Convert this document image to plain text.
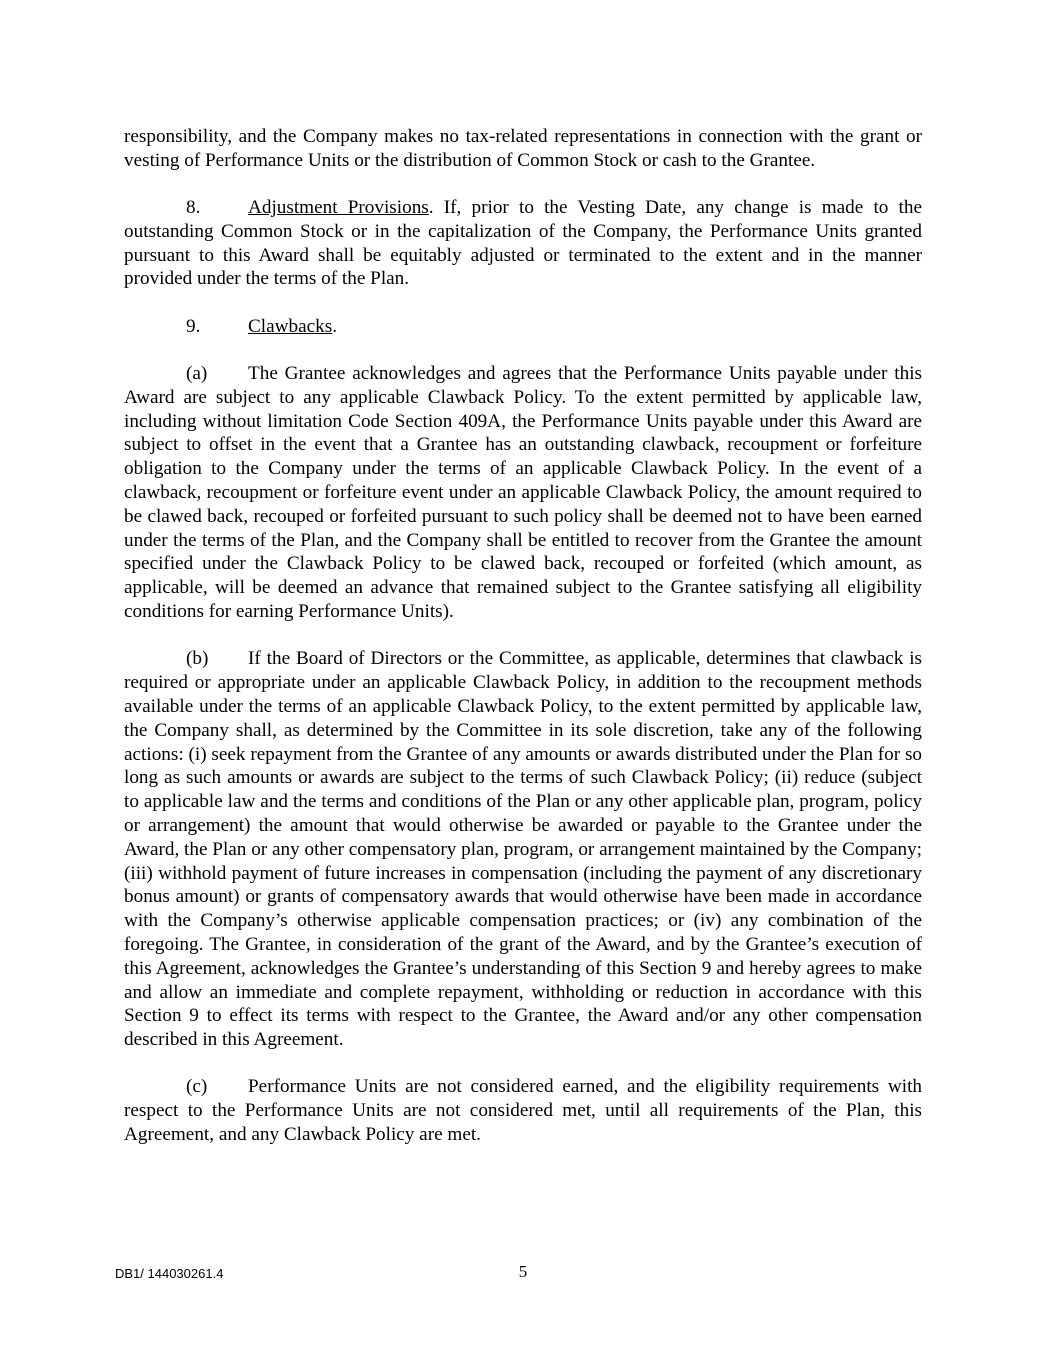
responsibility, and the Company makes no tax-related representations in connection with the grant or vesting of Performance Units or the distribution of Common Stock or cash to the Grantee.

8. Adjustment Provisions. If, prior to the Vesting Date, any change is made to the outstanding Common Stock or in the capitalization of the Company, the Performance Units granted pursuant to this Award shall be equitably adjusted or terminated to the extent and in the manner provided under the terms of the Plan.

9. Clawbacks.

(a) The Grantee acknowledges and agrees that the Performance Units payable under this Award are subject to any applicable Clawback Policy. To the extent permitted by applicable law, including without limitation Code Section 409A, the Performance Units payable under this Award are subject to offset in the event that a Grantee has an outstanding clawback, recoupment or forfeiture obligation to the Company under the terms of an applicable Clawback Policy. In the event of a clawback, recoupment or forfeiture event under an applicable Clawback Policy, the amount required to be clawed back, recouped or forfeited pursuant to such policy shall be deemed not to have been earned under the terms of the Plan, and the Company shall be entitled to recover from the Grantee the amount specified under the Clawback Policy to be clawed back, recouped or forfeited (which amount, as applicable, will be deemed an advance that remained subject to the Grantee satisfying all eligibility conditions for earning Performance Units).

(b) If the Board of Directors or the Committee, as applicable, determines that clawback is required or appropriate under an applicable Clawback Policy, in addition to the recoupment methods available under the terms of an applicable Clawback Policy, to the extent permitted by applicable law, the Company shall, as determined by the Committee in its sole discretion, take any of the following actions: (i) seek repayment from the Grantee of any amounts or awards distributed under the Plan for so long as such amounts or awards are subject to the terms of such Clawback Policy; (ii) reduce (subject to applicable law and the terms and conditions of the Plan or any other applicable plan, program, policy or arrangement) the amount that would otherwise be awarded or payable to the Grantee under the Award, the Plan or any other compensatory plan, program, or arrangement maintained by the Company; (iii) withhold payment of future increases in compensation (including the payment of any discretionary bonus amount) or grants of compensatory awards that would otherwise have been made in accordance with the Company’s otherwise applicable compensation practices; or (iv) any combination of the foregoing. The Grantee, in consideration of the grant of the Award, and by the Grantee’s execution of this Agreement, acknowledges the Grantee’s understanding of this Section 9 and hereby agrees to make and allow an immediate and complete repayment, withholding or reduction in accordance with this Section 9 to effect its terms with respect to the Grantee, the Award and/or any other compensation described in this Agreement.

(c) Performance Units are not considered earned, and the eligibility requirements with respect to the Performance Units are not considered met, until all requirements of the Plan, this Agreement, and any Clawback Policy are met.

DB1/ 144030261.4	5
